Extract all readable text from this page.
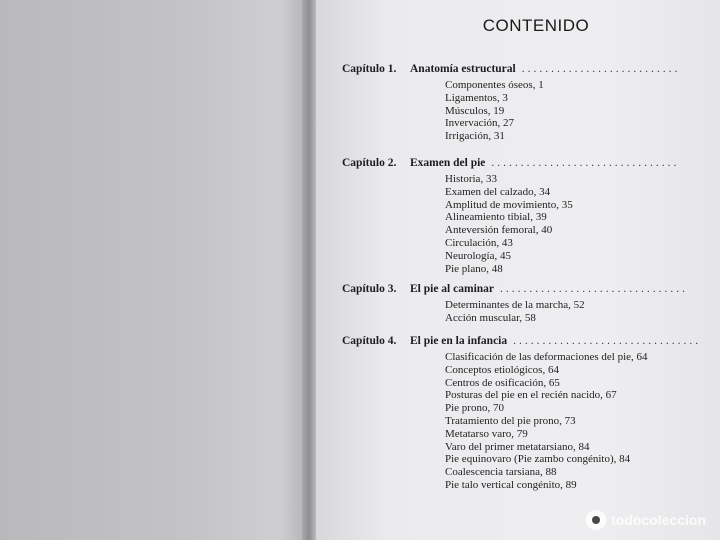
CONTENIDO
Capítulo 1.	Anatomía estructural ...........................
Componentes óseos, 1
Ligamentos, 3
Músculos, 19
Invervación, 27
Irrigación, 31
Capítulo 2.	Examen del pie ................................
Historia, 33
Examen del calzado, 34
Amplitud de movimiento, 35
Alineamiento tibial, 39
Anteversión femoral, 40
Circulación, 43
Neurología, 45
Pie plano, 48
Capítulo 3.	El pie al caminar ................................
Determinantes de la marcha, 52
Acción muscular, 58
Capítulo 4.	El pie en la infancia ................................
Clasificación de las deformaciones del pie, 64
Conceptos etiológicos, 64
Centros de osificación, 65
Posturas del pie en el recién nacido, 67
Pie prono, 70
Tratamiento del pie prono, 73
Metatarso varo, 79
Varo del primer metatarsiano, 84
Pie equinovaro (Pie zambo congénito), 84
Coalescencia tarsiana, 88
Pie talo vertical congénito, 89
todocoleccion
